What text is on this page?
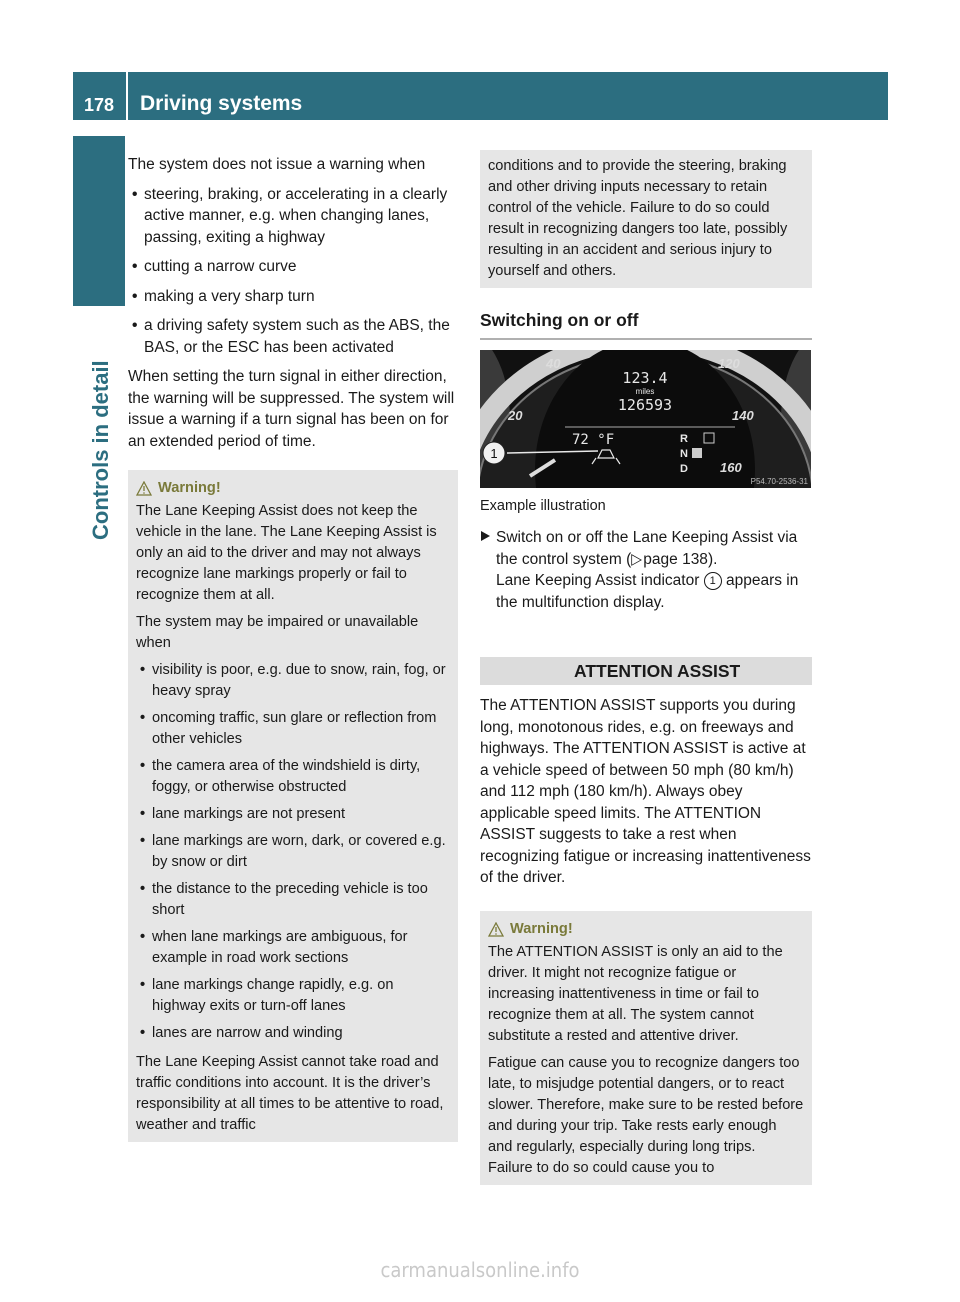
178	Driving systems
Controls in detail

The system does not issue a warning when

• steering, braking, or accelerating in a clearly active manner, e.g. when changing lanes, passing, exiting a highway
• cutting a narrow curve
• making a very sharp turn
• a driving safety system such as the ABS, the BAS, or the ESC has been activated

When setting the turn signal in either direction, the warning will be suppressed. The system will issue a warning if a turn signal has been on for an extended period of time.

Warning!

The Lane Keeping Assist does not keep the vehicle in the lane. The Lane Keeping Assist is only an aid to the driver and may not always recognize lane markings properly or fail to recognize them at all.

The system may be impaired or unavailable when

• visibility is poor, e.g. due to snow, rain, fog, or heavy spray
• oncoming traffic, sun glare or reflection from other vehicles
• the camera area of the windshield is dirty, foggy, or otherwise obstructed
• lane markings are not present
• lane markings are worn, dark, or covered e.g. by snow or dirt
• the distance to the preceding vehicle is too short
• when lane markings are ambiguous, for example in road work sections
• lane markings change rapidly, e.g. on highway exits or turn-off lanes
• lanes are narrow and winding

The Lane Keeping Assist cannot take road and traffic conditions into account. It is the driver’s responsibility at all times to be attentive to road, weather and traffic

conditions and to provide the steering, braking and other driving inputs necessary to retain control of the vehicle. Failure to do so could result in recognizing dangers too late, possibly resulting in an accident and serious injury to yourself and others.

Switching on or off
20
40	120
140
160
123.4
miles
126593
72 °F	R
N
D
1
P54.70-2536-31
Example illustration
Switch on or off the Lane Keeping Assist via the control system (▷ page 138).
Lane Keeping Assist indicator 1 appears in the multifunction display.
ATTENTION ASSIST

The ATTENTION ASSIST supports you during long, monotonous rides, e.g. on freeways and highways. The ATTENTION ASSIST is active at a vehicle speed of between 50 mph (80 km/h) and 112 mph (180 km/h). Always obey applicable speed limits. The ATTENTION ASSIST suggests to take a rest when recognizing fatigue or increasing inattentiveness of the driver.

Warning!

The ATTENTION ASSIST is only an aid to the driver. It might not recognize fatigue or increasing inattentiveness in time or fail to recognize them at all. The system cannot substitute a rested and attentive driver.

Fatigue can cause you to recognize dangers too late, to misjudge potential dangers, or to react slower. Therefore, make sure to be rested before and during your trip. Take rests early enough and regularly, especially during long trips. Failure to do so could cause you to

carmanualsonline.info
